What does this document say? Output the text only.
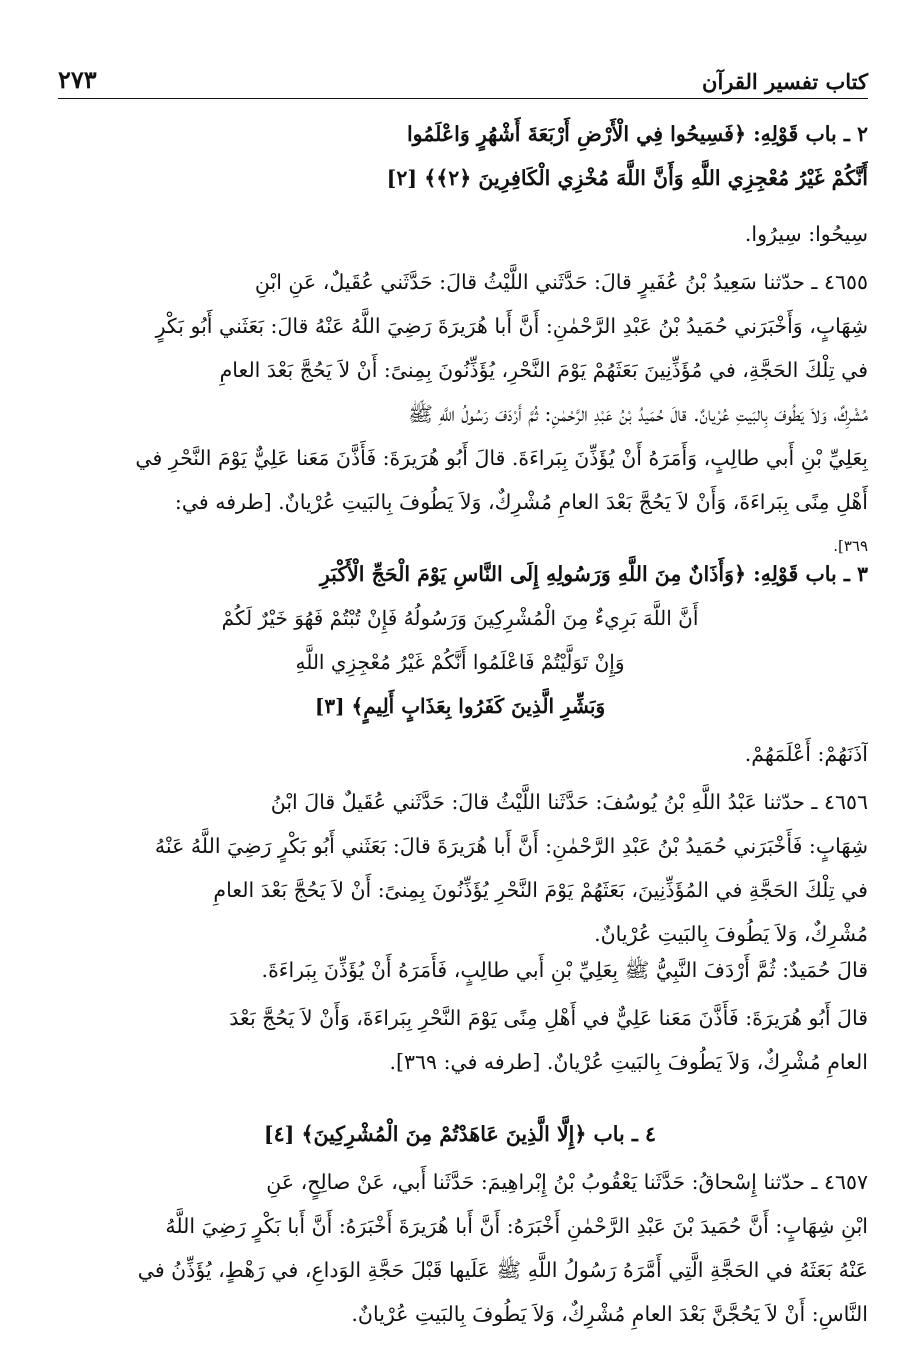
٢٧٣	كتاب تفسير القرآن
٢ ـ باب قَوْلِهِ: ﴿فَسِيحُوا فِي الْأَرْضِ أَرْبَعَةَ أَشْهُرٍ وَاعْلَمُوا
أَنَّكُمْ غَيْرُ مُعْجِزِي اللَّهِ وَأَنَّ اللَّهَ مُخْزِي الْكَافِرِينَ ﴿٢﴾﴾ [٢]
سِيحُوا: سِيرُوا.
٤٦٥٥ ـ حدّثنا سَعِيدُ بْنُ عُفَيرٍ قالَ: حَدَّثَني اللَّيْثُ قالَ: حَدَّثَني عُقَيلٌ، عَنِ ابْنِ
شِهَابٍ، وَأَخْبَرَني حُمَيدُ بْنُ عَبْدِ الرَّحْمٰنِ: أَنَّ أَبا هُرَيرَةَ رَضِيَ اللَّهُ عَنْهُ قالَ: بَعَثَني أَبُو بَكْرٍ
في تِلْكَ الحَجَّةِ، في مُؤَذِّنِينَ بَعَثَهُمْ يَوْمَ النَّحْرِ، يُؤَذِّنُونَ بِمِنىً: أَنْ لاَ يَحُجَّ بَعْدَ العامِ
مُشْرِكٌ، وَلاَ يَطُوفَ بِالبَيتِ عُرْيانٌ. قالَ حُمَيدُ بْنُ عَبْدِ الرَّحْمٰنِ: ثُمَّ أَرْدَفَ رَسُولُ اللَّهِ ﷺ
بِعَلِيِّ بْنِ أَبي طالِبٍ، وَأَمَرَهُ أَنْ يُؤَذِّنَ بِبَراءَةَ. قالَ أَبُو هُرَيرَةَ: فَأَذَّنَ مَعَنا عَلِيٌّ يَوْمَ النَّحْرِ في
أَهْلِ مِنًى بِبَراءَةَ، وَأَنْ لاَ يَحُجَّ بَعْدَ العامِ مُشْرِكٌ، وَلاَ يَطُوفَ بِالبَيتِ عُرْيانٌ. [طرفه في:
٣٦٩].
٣ ـ باب قَوْلِهِ: ﴿وَأَذَانٌ مِنَ اللَّهِ وَرَسُولِهِ إِلَى النَّاسِ يَوْمَ الْحَجِّ الْأَكْبَرِ
أَنَّ اللَّهَ بَرِيءٌ مِنَ الْمُشْرِكِينَ وَرَسُولُهُ فَإِنْ تُبْتُمْ فَهُوَ خَيْرٌ لَكُمْ
وَإِنْ تَوَلَّيْتُمْ فَاعْلَمُوا أَنَّكُمْ غَيْرُ مُعْجِزِي اللَّهِ
وَبَشِّرِ الَّذِينَ كَفَرُوا بِعَذَابٍ أَلِيمٍ﴾ [٣]
آذَنَهُمْ: أَعْلَمَهُمْ.
٤٦٥٦ ـ حدّثنا عَبْدُ اللَّهِ بْنُ يُوسُفَ: حَدَّثَنا اللَّيْثُ قالَ: حَدَّثَني عُقَيلٌ قالَ ابْنُ
شِهَابٍ: فَأَخْبَرَني حُمَيدُ بْنُ عَبْدِ الرَّحْمٰنِ: أَنَّ أَبا هُرَيرَةَ قالَ: بَعَثَني أَبُو بَكْرٍ رَضِيَ اللَّهُ عَنْهُ
في تِلْكَ الحَجَّةِ في المُؤَذِّنِينَ، بَعَثَهُمْ يَوْمَ النَّحْرِ يُؤَذِّنُونَ بِمِنىً: أَنْ لاَ يَحُجَّ بَعْدَ العامِ
مُشْرِكٌ، وَلاَ يَطُوفَ بِالبَيتِ عُرْيانٌ.
قالَ حُمَيدٌ: ثُمَّ أَرْدَفَ النَّبِيُّ ﷺ بِعَلِيِّ بْنِ أَبي طالِبٍ، فَأَمَرَهُ أَنْ يُؤَذِّنَ بِبَراءَةَ.
قالَ أَبُو هُرَيرَةَ: فَأَذَّنَ مَعَنا عَلِيٌّ في أَهْلِ مِنًى يَوْمَ النَّحْرِ بِبَراءَةَ، وَأَنْ لاَ يَحُجَّ بَعْدَ
العامِ مُشْرِكٌ، وَلاَ يَطُوفَ بِالبَيتِ عُرْيانٌ. [طرفه في: ٣٦٩].
٤ ـ باب ﴿إِلَّا الَّذِينَ عَاهَدْتُمْ مِنَ الْمُشْرِكِينَ﴾ [٤]
٤٦٥٧ ـ حدّثنا إِسْحاقُ: حَدَّثَنا يَعْقُوبُ بْنُ إِبْراهِيمَ: حَدَّثَنا أَبي، عَنْ صالِحٍ، عَنِ
ابْنِ شِهَابٍ: أَنَّ حُمَيدَ بْنَ عَبْدِ الرَّحْمٰنِ أَخْبَرَهُ: أَنَّ أَبا هُرَيرَةَ أَخْبَرَهُ: أَنَّ أَبا بَكْرٍ رَضِيَ اللَّهُ
عَنْهُ بَعَثَهُ في الحَجَّةِ الَّتِي أَمَّرَهُ رَسُولُ اللَّهِ ﷺ عَلَيها قَبْلَ حَجَّةِ الوَداعِ، في رَهْطٍ، يُؤَذِّنُ في
النَّاسِ: أَنْ لاَ يَحُجَّنَّ بَعْدَ العامِ مُشْرِكٌ، وَلاَ يَطُوفَ بِالبَيتِ عُرْيانٌ.
